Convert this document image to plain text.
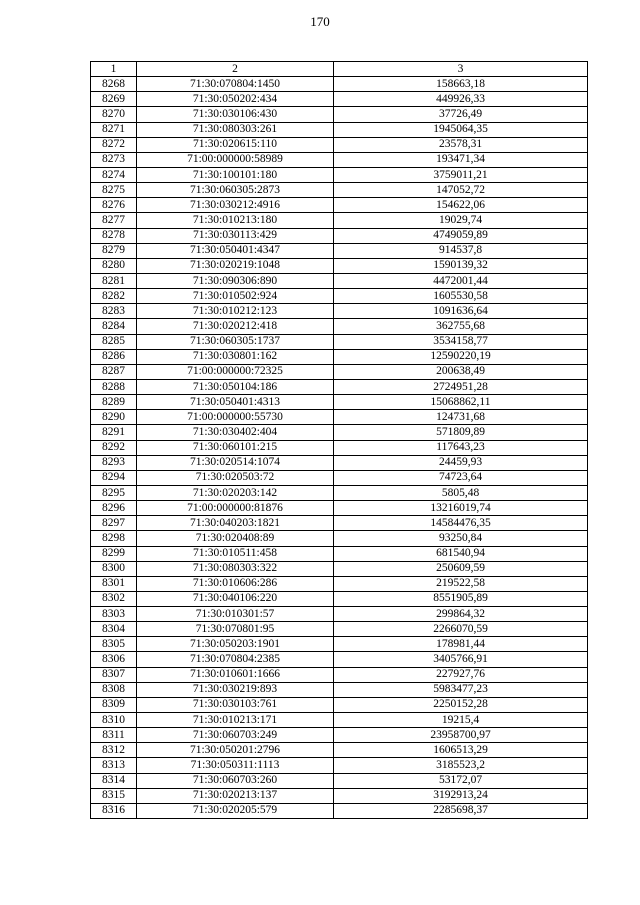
170
1	2	3
8268	71:30:070804:1450	158663,18
8269	71:30:050202:434	449926,33
8270	71:30:030106:430	37726,49
8271	71:30:080303:261	1945064,35
8272	71:30:020615:110	23578,31
8273	71:00:000000:58989	193471,34
8274	71:30:100101:180	3759011,21
8275	71:30:060305:2873	147052,72
8276	71:30:030212:4916	154622,06
8277	71:30:010213:180	19029,74
8278	71:30:030113:429	4749059,89
8279	71:30:050401:4347	914537,8
8280	71:30:020219:1048	1590139,32
8281	71:30:090306:890	4472001,44
8282	71:30:010502:924	1605530,58
8283	71:30:010212:123	1091636,64
8284	71:30:020212:418	362755,68
8285	71:30:060305:1737	3534158,77
8286	71:30:030801:162	12590220,19
8287	71:00:000000:72325	200638,49
8288	71:30:050104:186	2724951,28
8289	71:30:050401:4313	15068862,11
8290	71:00:000000:55730	124731,68
8291	71:30:030402:404	571809,89
8292	71:30:060101:215	117643,23
8293	71:30:020514:1074	24459,93
8294	71:30:020503:72	74723,64
8295	71:30:020203:142	5805,48
8296	71:00:000000:81876	13216019,74
8297	71:30:040203:1821	14584476,35
8298	71:30:020408:89	93250,84
8299	71:30:010511:458	681540,94
8300	71:30:080303:322	250609,59
8301	71:30:010606:286	219522,58
8302	71:30:040106:220	8551905,89
8303	71:30:010301:57	299864,32
8304	71:30:070801:95	2266070,59
8305	71:30:050203:1901	178981,44
8306	71:30:070804:2385	3405766,91
8307	71:30:010601:1666	227927,76
8308	71:30:030219:893	5983477,23
8309	71:30:030103:761	2250152,28
8310	71:30:010213:171	19215,4
8311	71:30:060703:249	23958700,97
8312	71:30:050201:2796	1606513,29
8313	71:30:050311:1113	3185523,2
8314	71:30:060703:260	53172,07
8315	71:30:020213:137	3192913,24
8316	71:30:020205:579	2285698,37
